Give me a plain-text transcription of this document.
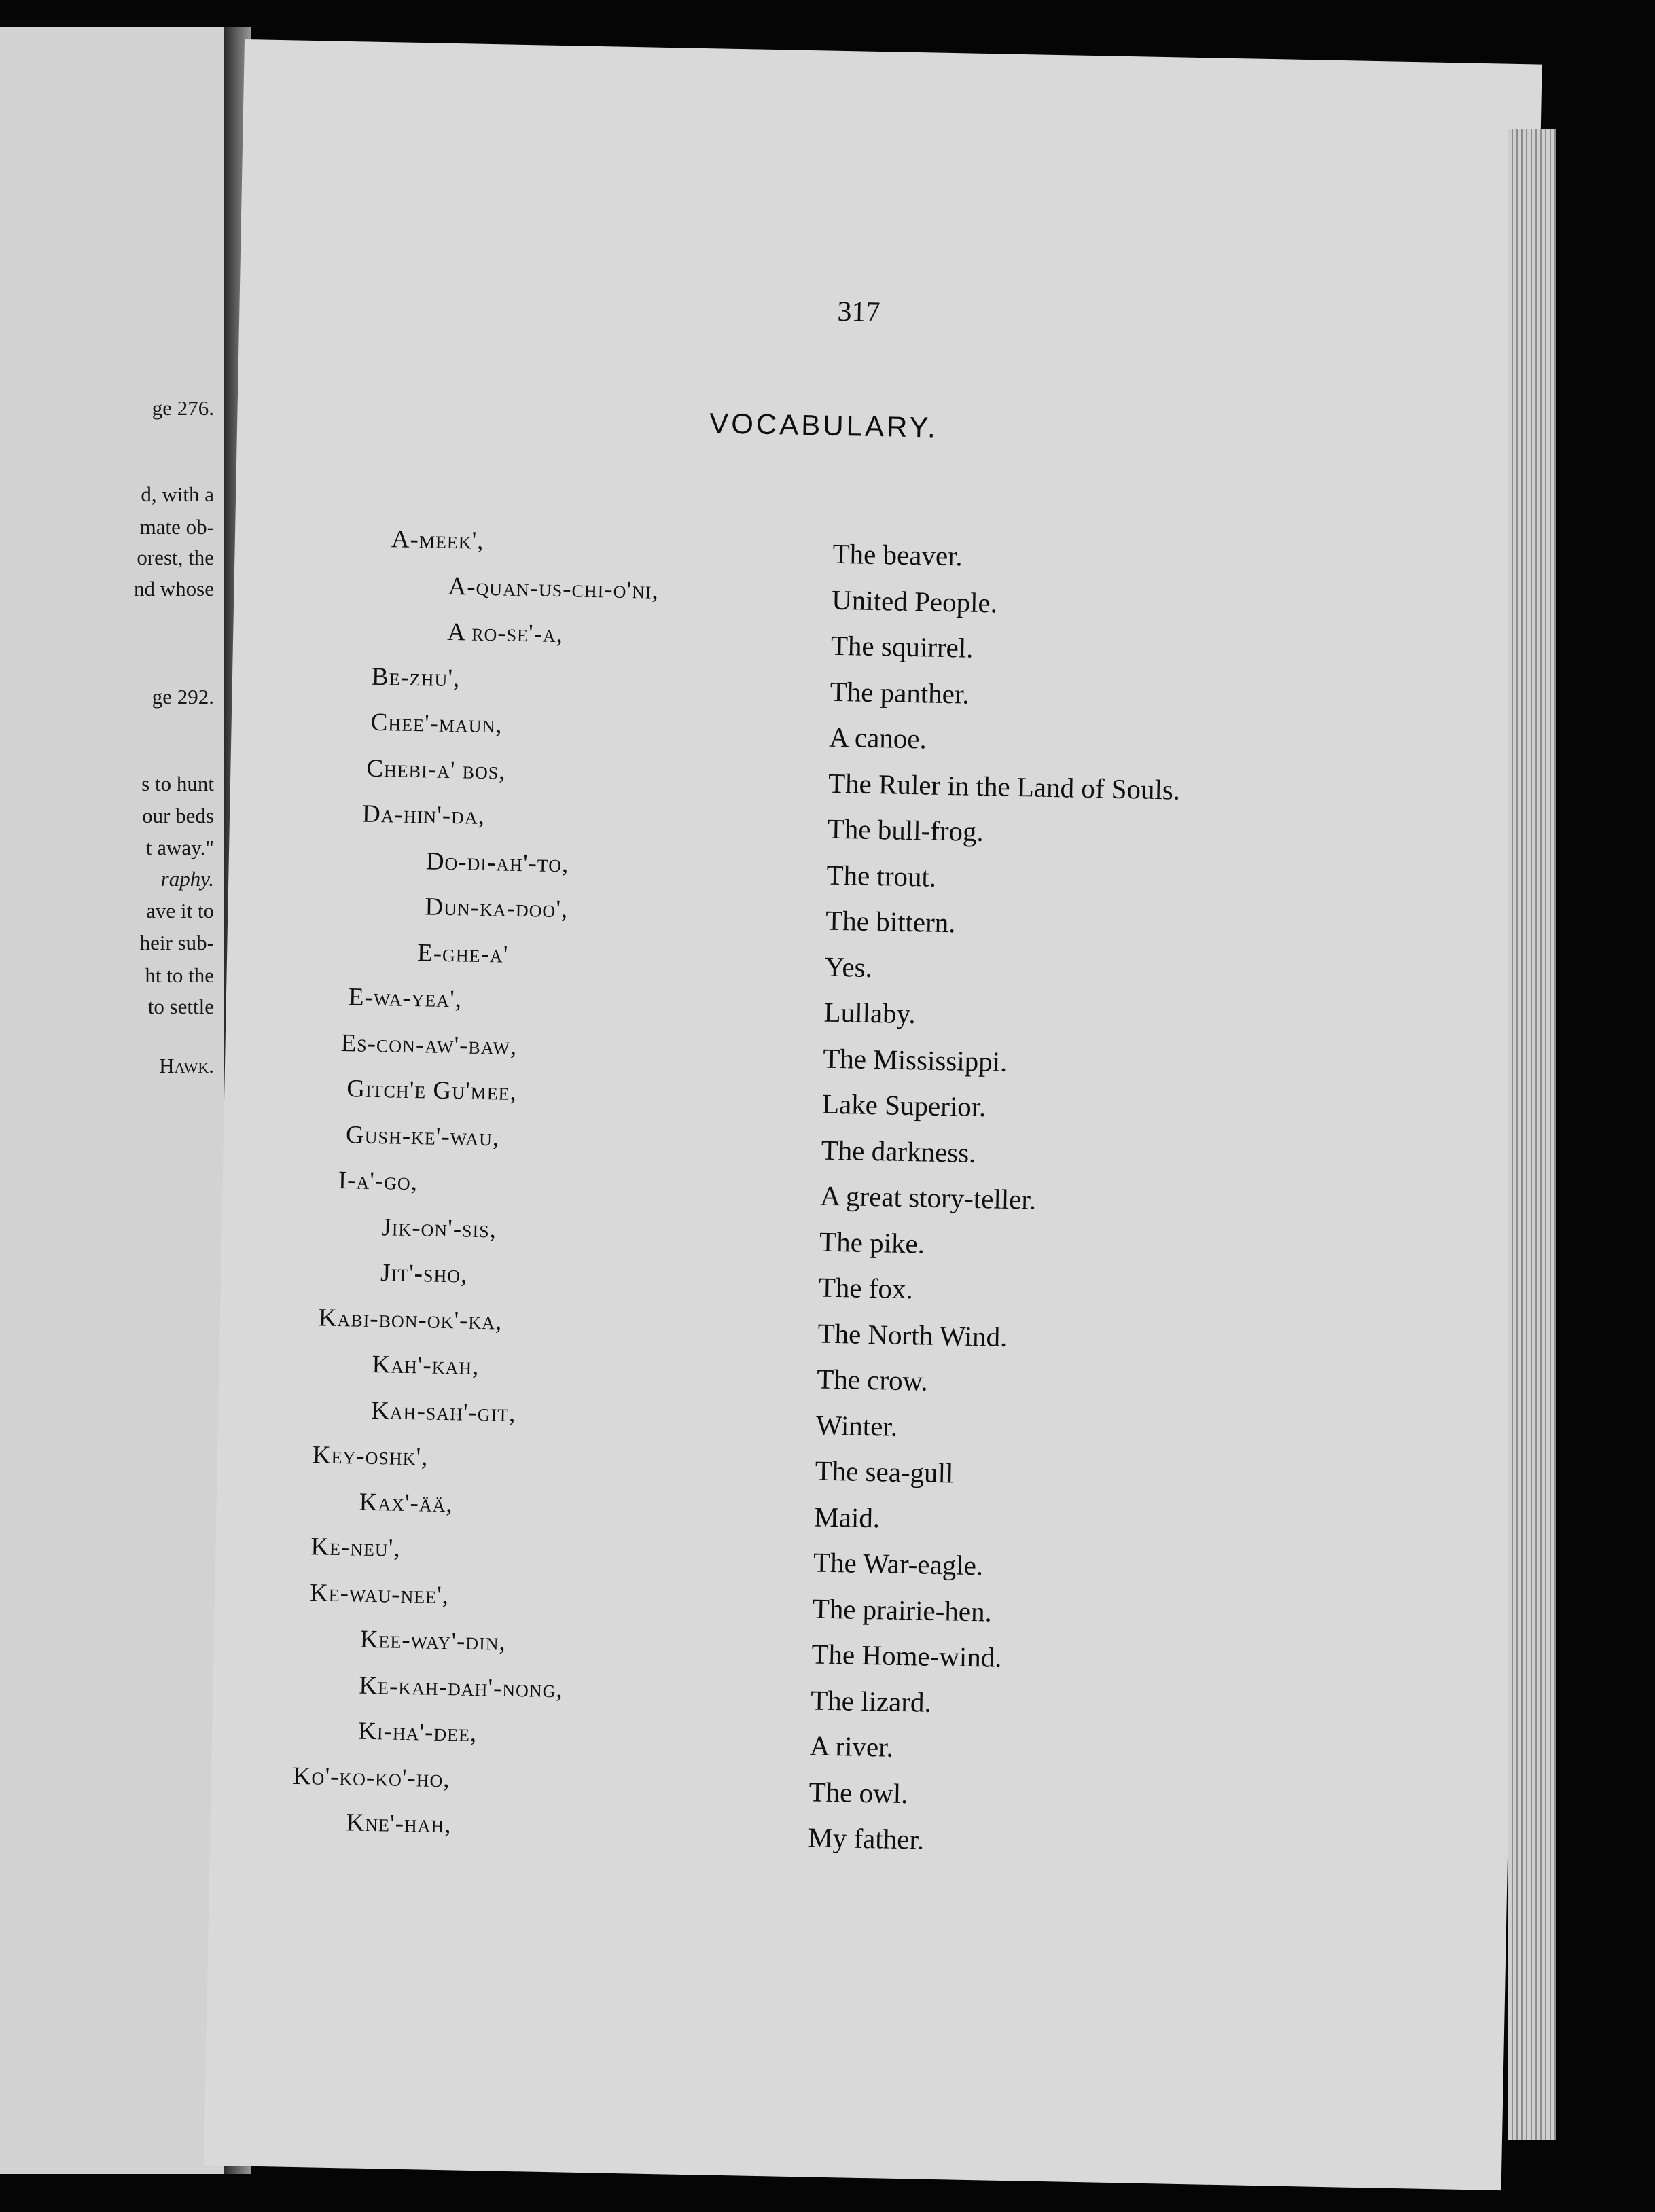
ge 276.
d, with a
mate ob-
orest, the
nd whose
ge 292.
s to hunt
our beds
t away."
raphy.
ave it to
heir sub-
ht to the
to settle
Hawk.
317
VOCABULARY.
A-meek',	The beaver.
A-quan-us-chi-o'ni,	United People.
A ro-se'-a,	The squirrel.
Be-zhu',	The panther.
Chee'-maun,	A canoe.
Chebi-a' bos,	The Ruler in the Land of Souls.
Da-hin'-da,	The bull-frog.
Do-di-ah'-to,	The trout.
Dun-ka-doo',	The bittern.
E-ghe-a'	Yes.
E-wa-yea',	Lullaby.
Es-con-aw'-baw,	The Mississippi.
Gitch'e Gu'mee,	Lake Superior.
Gush-ke'-wau,	The darkness.
I-a'-go,	A great story-teller.
Jik-on'-sis,	The pike.
Jit'-sho,	The fox.
Kabi-bon-ok'-ka,	The North Wind.
Kah'-kah,	The crow.
Kah-sah'-git,	Winter.
Key-oshk',	The sea-gull
Kax'-ää,	Maid.
Ke-neu',	The War-eagle.
Ke-wau-nee',	The prairie-hen.
Kee-way'-din,	The Home-wind.
Ke-kah-dah'-nong,	The lizard.
Ki-ha'-dee,	A river.
Ko'-ko-ko'-ho,	The owl.
Kne'-hah,	My father.
